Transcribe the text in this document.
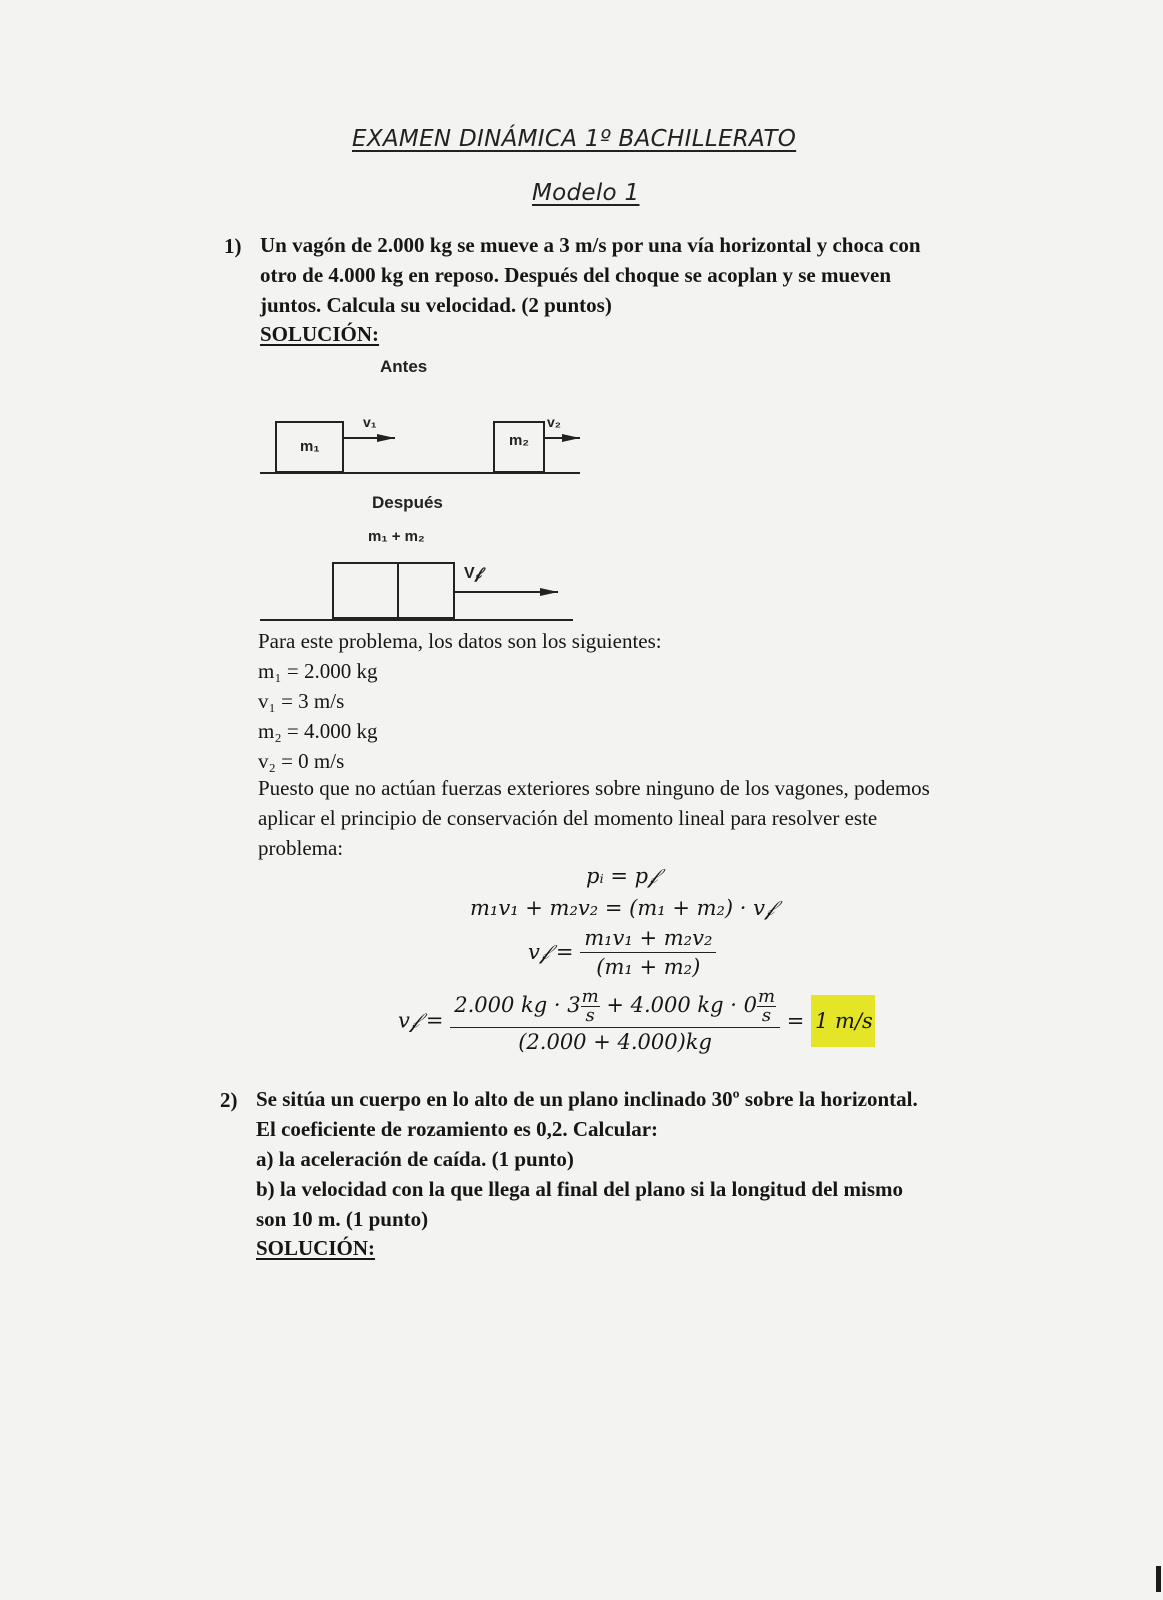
EXAMEN DINÁMICA 1º BACHILLERATO
Modelo 1
1) Un vagón de 2.000 kg se mueve a 3 m/s por una vía horizontal y choca con
otro de 4.000 kg en reposo. Después del choque se acoplan y se mueven
juntos. Calcula su velocidad. (2 puntos)
SOLUCIÓN:
Antes
m₁	m₂
v₁	v₂
Después
m₁ + m₂
V𝒻
Para este problema, los datos son los siguientes:
m₁ = 2.000 kg
v₁ = 3 m/s
m₂ = 4.000 kg
v₂ = 0 m/s
Puesto que no actúan fuerzas exteriores sobre ninguno de los vagones, podemos
aplicar el principio de conservación del momento lineal para resolver este
problema:
pᵢ = p𝒻
m₁v₁ + m₂v₂ = (m₁ + m₂) · v𝒻
v𝒻 = $\frac{\text{m₁v₁ + m₂v₂}}{\text{(m₁ + m₂)}}$
v𝒻 = $\frac{2.000 kg \cdot 3 \frac{m}{s} + 4.000 kg \cdot 0 \frac{m}{s}}{(2.000 + 4.000)kg} = 1$ m/s
2) Se sitúa un cuerpo en lo alto de un plano inclinado 30º sobre la horizontal.
El coeficiente de rozamiento es 0,2. Calcular:
a) la aceleración de caída. (1 punto)
b) la velocidad con la que llega al final del plano si la longitud del mismo
son 10 m. (1 punto)
SOLUCIÓN:
